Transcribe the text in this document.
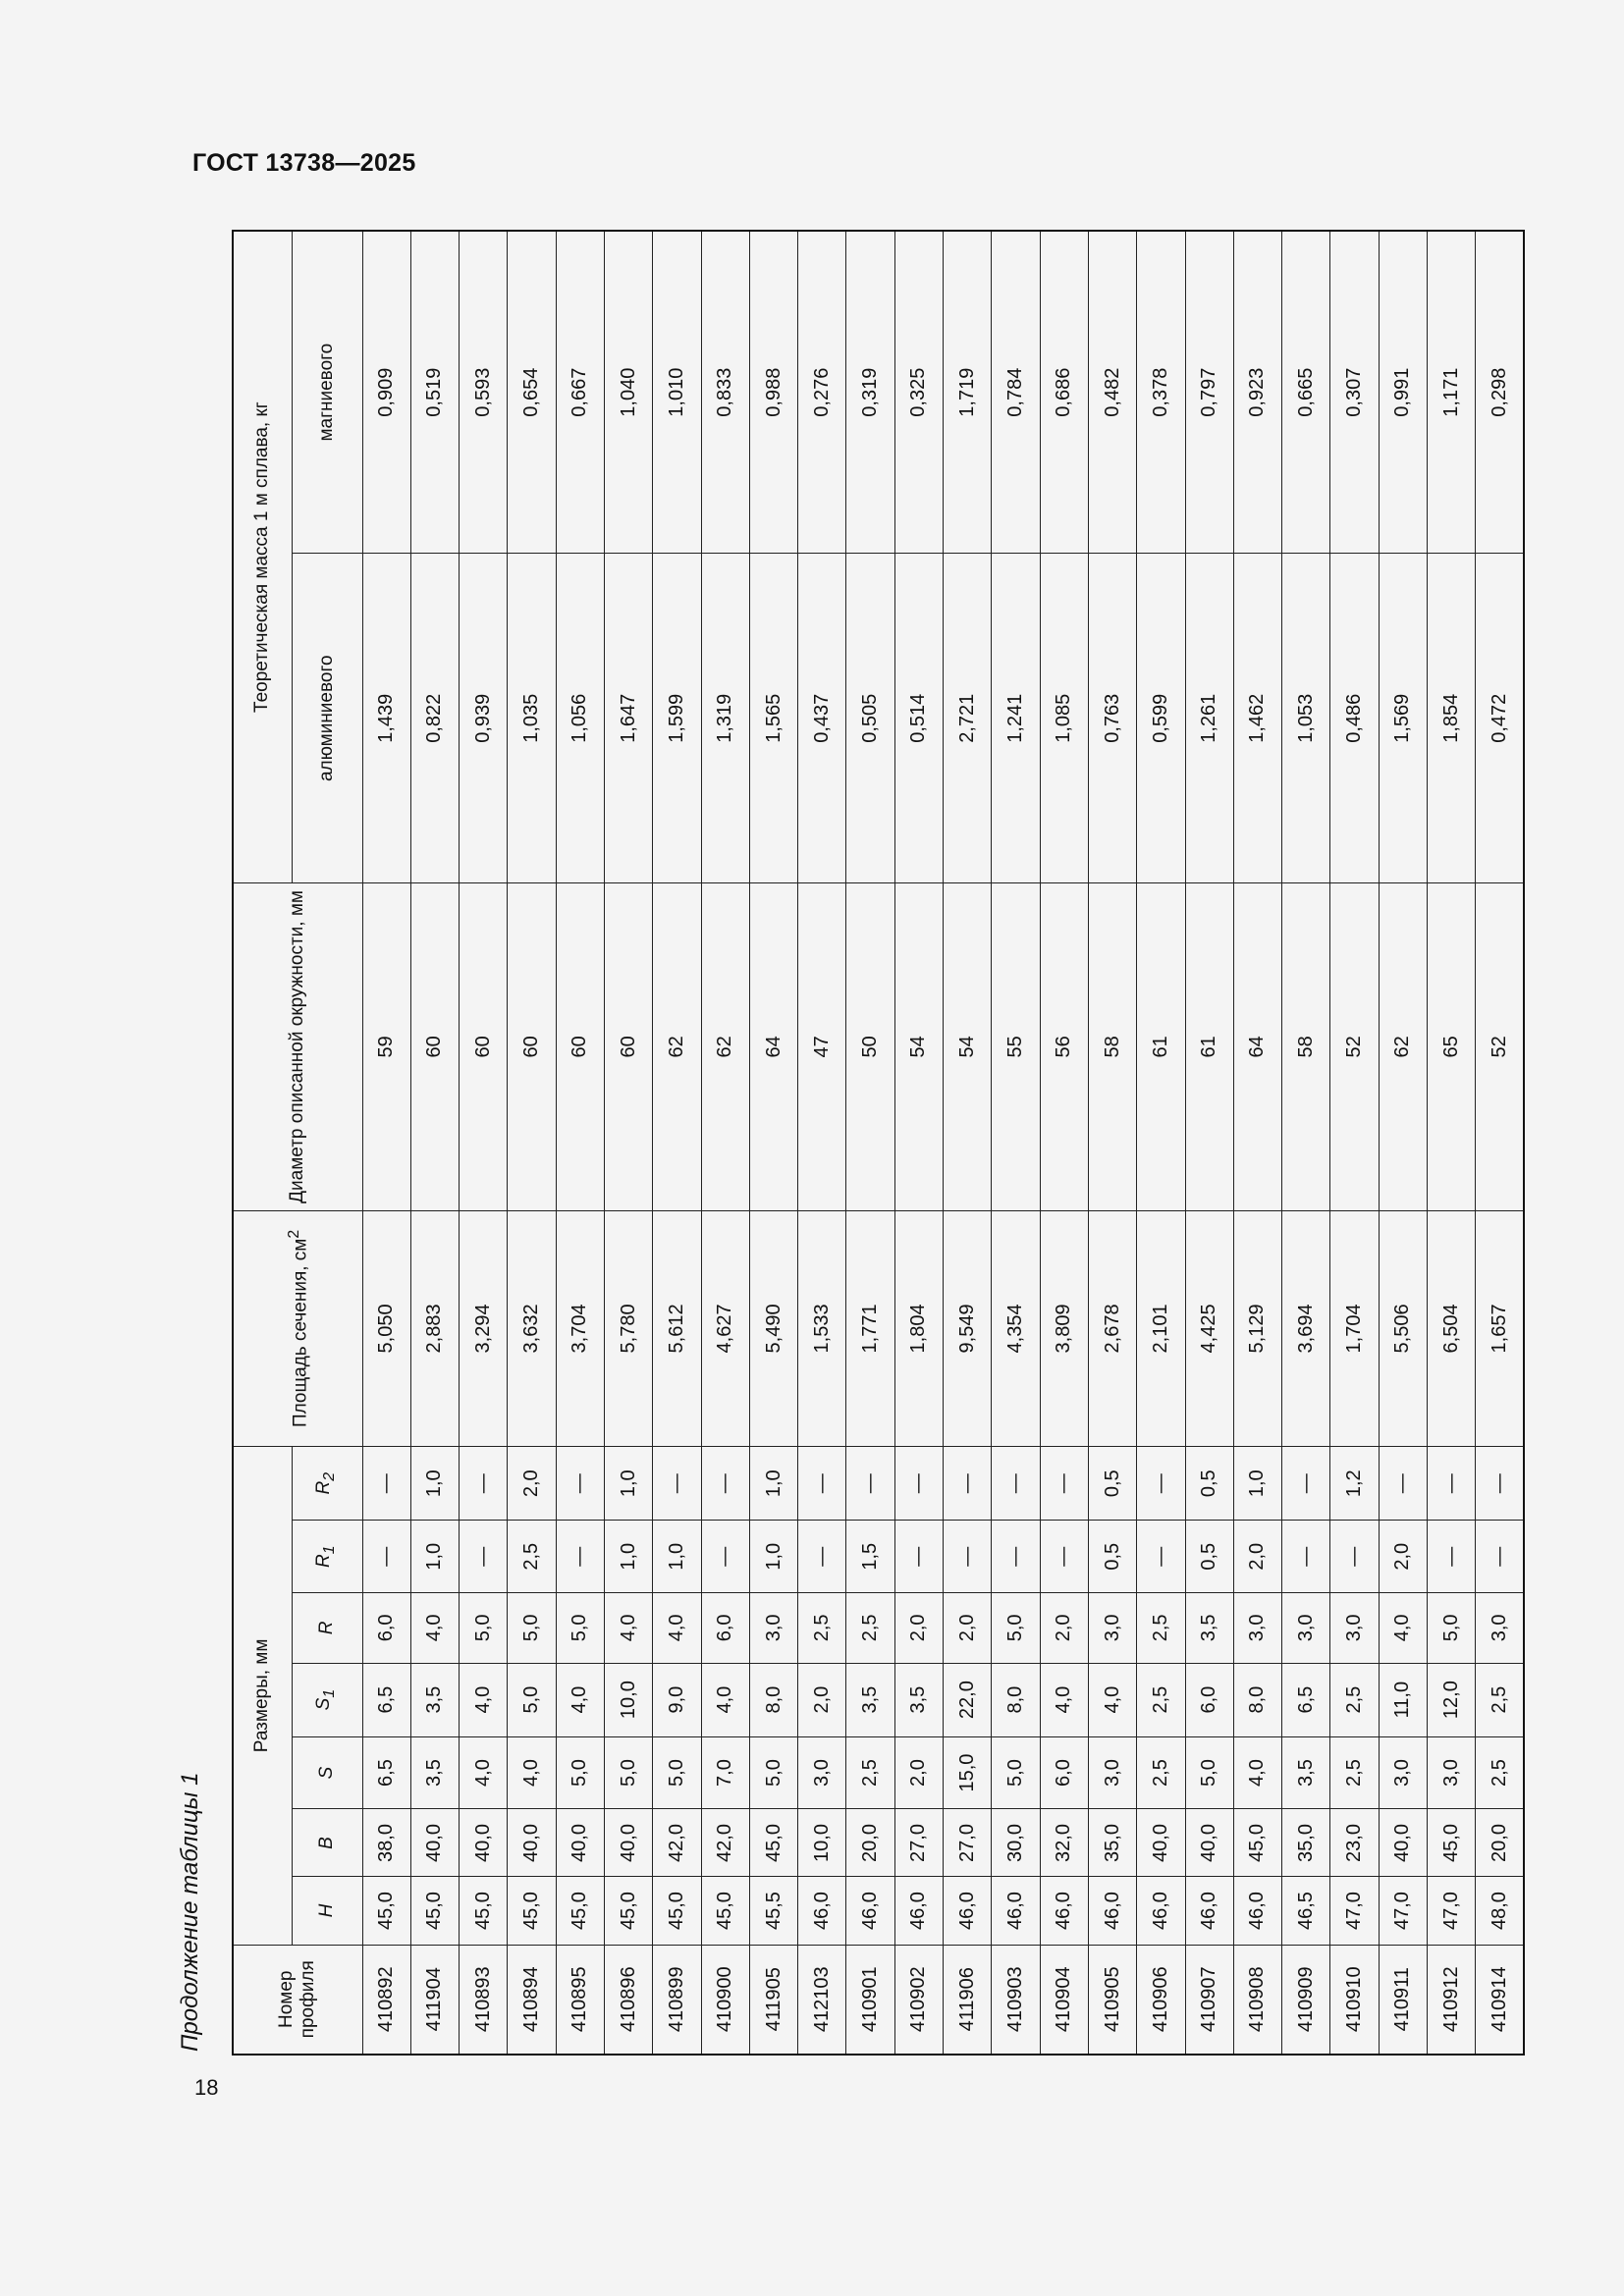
ГОСТ 13738—2025
Продолжение таблицы 1	Номер профиля	Размеры, мм							Площадь сечения, $см^2$	Диаметр описанной окружности, мм	Теоретическая масса 1 м сплава, кг	
	H	B	S	$S_1$	R	$R_1$	$R_2$			алюминиевого	магниевого
410892	45,0	38,0	6,5	6,5	6,0	—	—	5,050	59	1,439	0,909
411904	45,0	40,0	3,5	3,5	4,0	1,0	1,0	2,883	60	0,822	0,519
410893	45,0	40,0	4,0	4,0	5,0	—	—	3,294	60	0,939	0,593
410894	45,0	40,0	4,0	5,0	5,0	2,5	2,0	3,632	60	1,035	0,654
410895	45,0	40,0	5,0	4,0	5,0	—	—	3,704	60	1,056	0,667
410896	45,0	40,0	5,0	10,0	4,0	1,0	1,0	5,780	60	1,647	1,040
410899	45,0	42,0	5,0	9,0	4,0	1,0	—	5,612	62	1,599	1,010
410900	45,0	42,0	7,0	4,0	6,0	—	—	4,627	62	1,319	0,833
411905	45,5	45,0	5,0	8,0	3,0	1,0	1,0	5,490	64	1,565	0,988
412103	46,0	10,0	3,0	2,0	2,5	—	—	1,533	47	0,437	0,276
410901	46,0	20,0	2,5	3,5	2,5	1,5	—	1,771	50	0,505	0,319
410902	46,0	27,0	2,0	3,5	2,0	—	—	1,804	54	0,514	0,325
411906	46,0	27,0	15,0	22,0	2,0	—	—	9,549	54	2,721	1,719
410903	46,0	30,0	5,0	8,0	5,0	—	—	4,354	55	1,241	0,784
410904	46,0	32,0	6,0	4,0	2,0	—	—	3,809	56	1,085	0,686
410905	46,0	35,0	3,0	4,0	3,0	0,5	0,5	2,678	58	0,763	0,482
410906	46,0	40,0	2,5	2,5	2,5	—	—	2,101	61	0,599	0,378
410907	46,0	40,0	5,0	6,0	3,5	0,5	0,5	4,425	61	1,261	0,797
410908	46,0	45,0	4,0	8,0	3,0	2,0	1,0	5,129	64	1,462	0,923
410909	46,5	35,0	3,5	6,5	3,0	—	—	3,694	58	1,053	0,665
410910	47,0	23,0	2,5	2,5	3,0	—	1,2	1,704	52	0,486	0,307
410911	47,0	40,0	3,0	11,0	4,0	2,0	—	5,506	62	1,569	0,991
410912	47,0	45,0	3,0	12,0	5,0	—	—	6,504	65	1,854	1,171
410914	48,0	20,0	2,5	2,5	3,0	—	—	1,657	52	0,472	0,298
18
